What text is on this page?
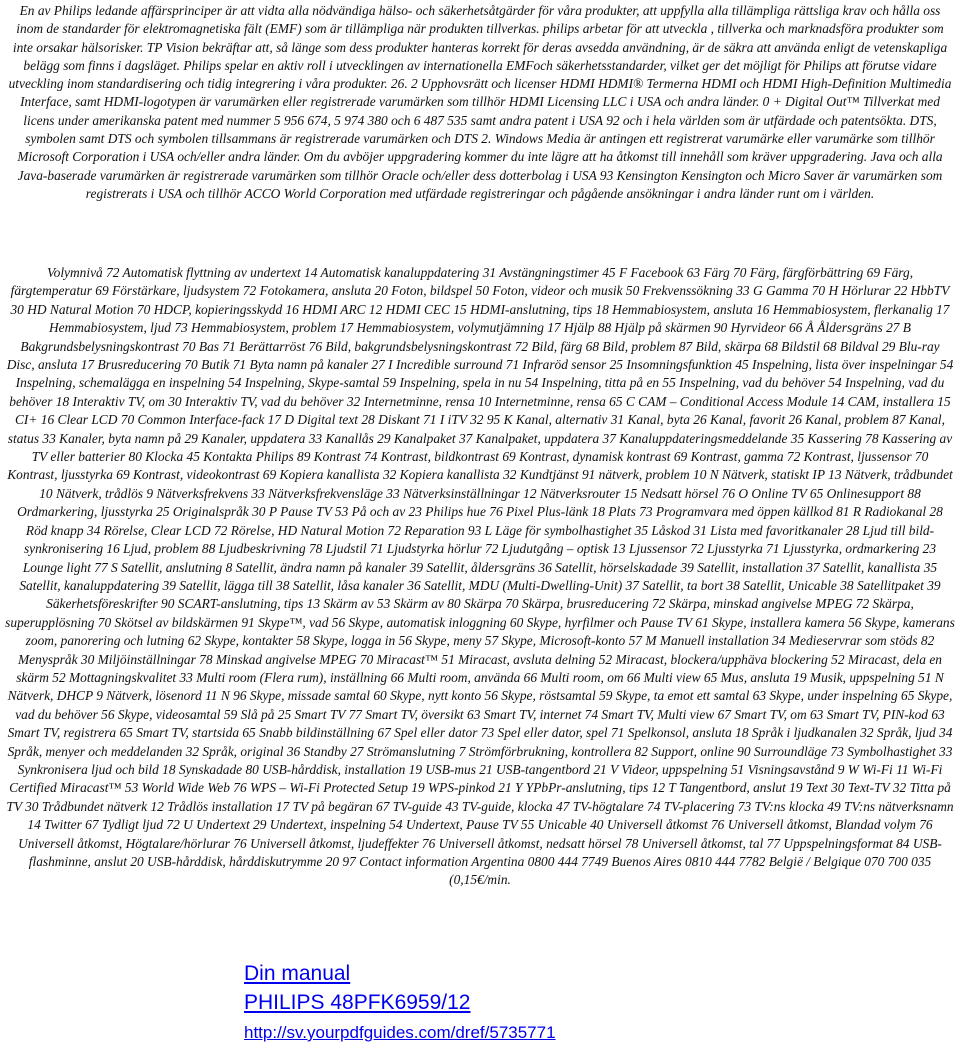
En av Philips ledande affärsprinciper är att vidta alla nödvändiga hälso- och säkerhetsåtgärder för våra produkter, att uppfylla alla tillämpliga rättsliga krav och hålla oss inom de standarder för elektromagnetiska fält (EMF) som är tillämpliga när produkten tillverkas. philips arbetar för att utveckla , tillverka och marknadsföra produkter som inte orsakar hälsorisker. TP Vision bekräftar att, så länge som dess produkter hanteras korrekt för deras avsedda användning, är de säkra att använda enligt de vetenskapliga belägg som finns i dagsläget. Philips spelar en aktiv roll i utvecklingen av internationella EMFoch säkerhetsstandarder, vilket ger det möjligt för Philips att förutse vidare utveckling inom standardisering och tidig integrering i våra produkter. 26. 2 Upphovsrätt och licenser HDMI HDMI® Termerna HDMI och HDMI High-Definition Multimedia Interface, samt HDMI-logotypen är varumärken eller registrerade varumärken som tillhör HDMI Licensing LLC i USA och andra länder. 0 + Digital Out™ Tillverkat med licens under amerikanska patent med nummer 5 956 674, 5 974 380 och 6 487 535 samt andra patent i USA 92 och i hela världen som är utfärdade och patentsökta. DTS, symbolen samt DTS och symbolen tillsammans är registrerade varumärken och DTS 2. Windows Media är antingen ett registrerat varumärke eller varumärke som tillhör Microsoft Corporation i USA och/eller andra länder. Om du avböjer uppgradering kommer du inte lägre att ha åtkomst till innehåll som kräver uppgradering. Java och alla Java-baserade varumärken är registrerade varumärken som tillhör Oracle och/eller dess dotterbolag i USA 93 Kensington Kensington och Micro Saver är varumärken som registrerats i USA och tillhör ACCO World Corporation med utfärdade registreringar och pågående ansökningar i andra länder runt om i världen.

Volymnivå 72 Automatisk flyttning av undertext 14 Automatisk kanaluppdatering 31 Avstängningstimer 45 F Facebook 63 Färg 70 Färg, färgförbättring 69 Färg, färgtemperatur 69 Förstärkare, ljudsystem 72 Fotokamera, ansluta 20 Foton, bildspel 50 Foton, videor och musik 50 Frekvenssökning 33 G Gamma 70 H Hörlurar 22 HbbTV 30 HD Natural Motion 70 HDCP, kopieringsskydd 16 HDMI ARC 12 HDMI CEC 15 HDMI-anslutning, tips 18 Hemmabiosystem, ansluta 16 Hemmabiosystem, flerkanalig 17 Hemmabiosystem, ljud 73 Hemmabiosystem, problem 17 Hemmabiosystem, volymutjämning 17 Hjälp 88 Hjälp på skärmen 90 Hyrvideor 66 Å Åldersgräns 27 B Bakgrundsbelysningskontrast 70 Bas 71 Berättarröst 76 Bild, bakgrundsbelysningskontrast 72 Bild, färg 68 Bild, problem 87 Bild, skärpa 68 Bildstil 68 Bildval 29 Blu-ray Disc, ansluta 17 Brusreducering 70 Butik 71 Byta namn på kanaler 27 I Incredible surround 71 Infraröd sensor 25 Insomningsfunktion 45 Inspelning, lista över inspelningar 54 Inspelning, schemalägga en inspelning 54 Inspelning, Skype-samtal 59 Inspelning, spela in nu 54 Inspelning, titta på en 55 Inspelning, vad du behöver 54 Inspelning, vad du behöver 18 Interaktiv TV, om 30 Interaktiv TV, vad du behöver 32 Internetminne, rensa 10 Internetminne, rensa 65 C CAM – Conditional Access Module 14 CAM, installera 15 CI+ 16 Clear LCD 70 Common Interface-fack 17 D Digital text 28 Diskant 71 I iTV 32 95 K Kanal, alternativ 31 Kanal, byta 26 Kanal, favorit 26 Kanal, problem 87 Kanal, status 33 Kanaler, byta namn på 29 Kanaler, uppdatera 33 Kanallås 29 Kanalpaket 37 Kanalpaket, uppdatera 37 Kanaluppdateringsmeddelande 35 Kassering 78 Kassering av TV eller batterier 80 Klocka 45 Kontakta Philips 89 Kontrast 74 Kontrast, bildkontrast 69 Kontrast, dynamisk kontrast 69 Kontrast, gamma 72 Kontrast, ljussensor 70 Kontrast, ljusstyrka 69 Kontrast, videokontrast 69 Kopiera kanallista 32 Kopiera kanallista 32 Kundtjänst 91 nätverk, problem 10 N Nätverk, statiskt IP 13 Nätverk, trådbundet 10 Nätverk, trådlös 9 Nätverksfrekvens 33 Nätverksfrekvensläge 33 Nätverksinställningar 12 Nätverksrouter 15 Nedsatt hörsel 76 O Online TV 65 Onlinesupport 88 Ordmarkering, ljusstyrka 25 Originalspråk 30 P Pause TV 53 På och av 23 Philips hue 76 Pixel Plus-länk 18 Plats 73 Programvara med öppen källkod 81 R Radiokanal 28 Röd knapp 34 Rörelse, Clear LCD 72 Rörelse, HD Natural Motion 72 Reparation 93 L Läge för symbolhastighet 35 Låskod 31 Lista med favoritkanaler 28 Ljud till bild-synkronisering 16 Ljud, problem 88 Ljudbeskrivning 78 Ljudstil 71 Ljudstyrka hörlur 72 Ljudutgång – optisk 13 Ljussensor 72 Ljusstyrka 71 Ljusstyrka, ordmarkering 23 Lounge light 77 S Satellit, anslutning 8 Satellit, ändra namn på kanaler 39 Satellit, åldersgräns 36 Satellit, hörselskadade 39 Satellit, installation 37 Satellit, kanallista 35 Satellit, kanaluppdatering 39 Satellit, lägga till 38 Satellit, låsa kanaler 36 Satellit, MDU (Multi-Dwelling-Unit) 37 Satellit, ta bort 38 Satellit, Unicable 38 Satellitpaket 39 Säkerhetsföreskrifter 90 SCART-anslutning, tips 13 Skärm av 53 Skärm av 80 Skärpa 70 Skärpa, brusreducering 72 Skärpa, minskad angivelse MPEG 72 Skärpa, superupplösning 70 Skötsel av bildskärmen 91 Skype™, vad 56 Skype, automatisk inloggning 60 Skype, hyrfilmer och Pause TV 61 Skype, installera kamera 56 Skype, kamerans zoom, panorering och lutning 62 Skype, kontakter 58 Skype, logga in 56 Skype, meny 57 Skype, Microsoft-konto 57 M Manuell installation 34 Medieservrar som stöds 82 Menyspråk 30 Miljöinställningar 78 Minskad angivelse MPEG 70 Miracast™ 51 Miracast, avsluta delning 52 Miracast, blockera/upphäva blockering 52 Miracast, dela en skärm 52 Mottagningskvalitet 33 Multi room (Flera rum), inställning 66 Multi room, använda 66 Multi room, om 66 Multi view 65 Mus, ansluta 19 Musik, uppspelning 51 N Nätverk, DHCP 9 Nätverk, lösenord 11 N 96 Skype, missade samtal 60 Skype, nytt konto 56 Skype, röstsamtal 59 Skype, ta emot ett samtal 63 Skype, under inspelning 65 Skype, vad du behöver 56 Skype, videosamtal 59 Slå på 25 Smart TV 77 Smart TV, översikt 63 Smart TV, internet 74 Smart TV, Multi view 67 Smart TV, om 63 Smart TV, PIN-kod 63 Smart TV, registrera 65 Smart TV, startsida 65 Snabb bildinställning 67 Spel eller dator 73 Spel eller dator, spel 71 Spelkonsol, ansluta 18 Språk i ljudkanalen 32 Språk, ljud 34 Språk, menyer och meddelanden 32 Språk, original 36 Standby 27 Strömanslutning 7 Strömförbrukning, kontrollera 82 Support, online 90 Surroundläge 73 Symbolhastighet 33 Synkronisera ljud och bild 18 Synskadade 80 USB-hårddisk, installation 19 USB-mus 21 USB-tangentbord 21 V Videor, uppspelning 51 Visningsavstånd 9 W Wi-Fi 11 Wi-Fi Certified Miracast™ 53 World Wide Web 76 WPS – Wi-Fi Protected Setup 19 WPS-pinkod 21 Y YPbPr-anslutning, tips 12 T Tangentbord, anslut 19 Text 30 Text-TV 32 Titta på TV 30 Trådbundet nätverk 12 Trådlös installation 17 TV på begäran 67 TV-guide 43 TV-guide, klocka 47 TV-högtalare 74 TV-placering 73 TV:ns klocka 49 TV:ns nätverksnamn 14 Twitter 67 Tydligt ljud 72 U Undertext 29 Undertext, inspelning 54 Undertext, Pause TV 55 Unicable 40 Universell åtkomst 76 Universell åtkomst, Blandad volym 76 Universell åtkomst, Högtalare/hörlurar 76 Universell åtkomst, ljudeffekter 76 Universell åtkomst, nedsatt hörsel 78 Universell åtkomst, tal 77 Uppspelningsformat 84 USB-flashminne, anslut 20 USB-hårddisk, hårddiskutrymme 20 97 Contact information Argentina 0800 444 7749 Buenos Aires 0810 444 7782 België / Belgique 070 700 035 (0,15€/min.

Din manual
PHILIPS 48PFK6959/12
http://sv.yourpdfguides.com/dref/5735771
